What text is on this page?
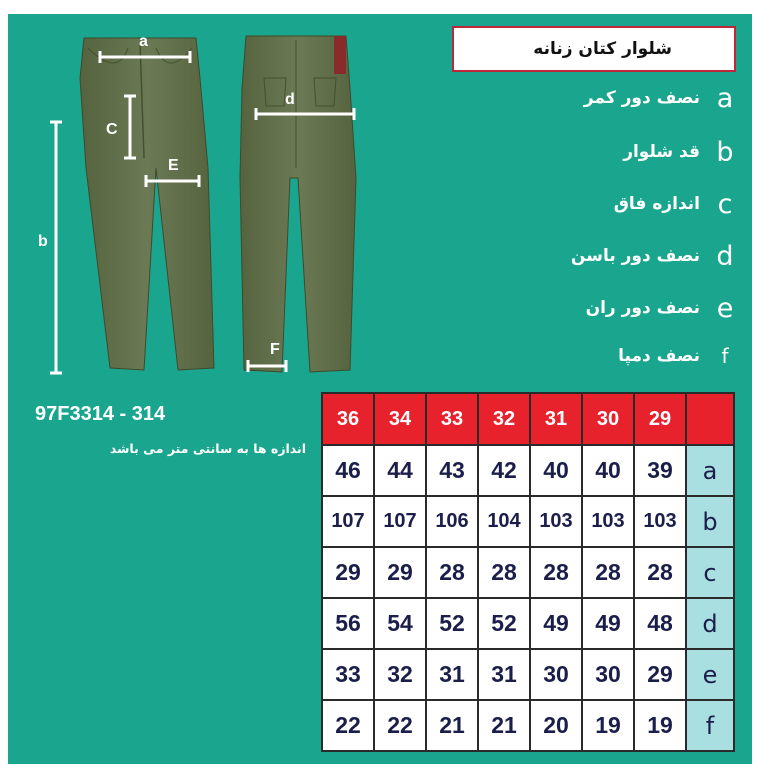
a
b
C
E
d
F
شلوار کتان زنانه
a
نصف دور کمر
b
قد شلوار
c
اندازه فاق
d
نصف دور باسن
e
نصف دور ران
f
نصف دمپا
97F3314 - 314
اندازه ها به سانتی متر می باشد
36	34	33	32	31	30	29	
46	44	43	42	40	40	39	a
107	107	106	104	103	103	103	b
29	29	28	28	28	28	28	c
56	54	52	52	49	49	48	d
33	32	31	31	30	30	29	e
22	22	21	21	20	19	19	f
